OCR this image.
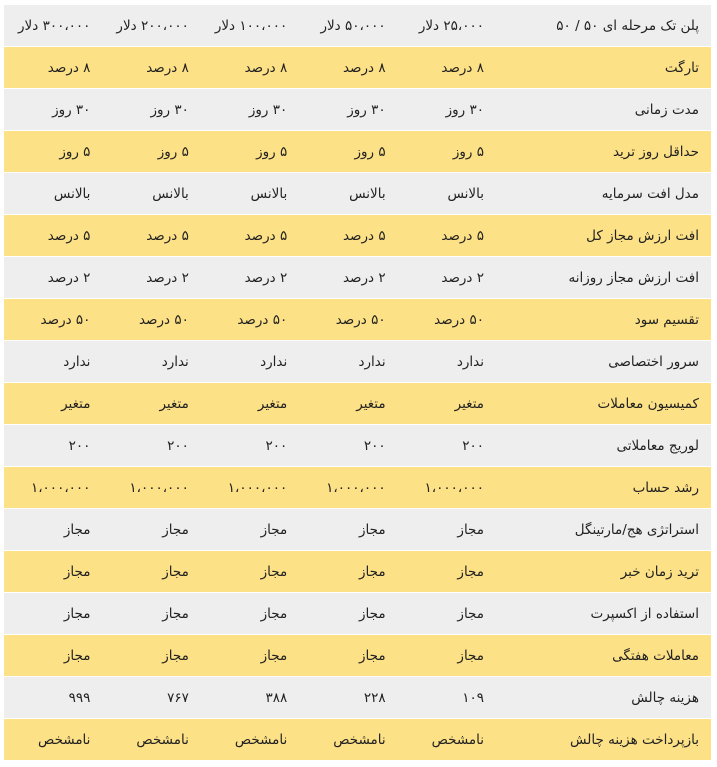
پلن تک مرحله ای ۵۰ / ۵۰	۲۵،۰۰۰ دلار	۵۰،۰۰۰ دلار	۱۰۰،۰۰۰ دلار	۲۰۰،۰۰۰ دلار	۳۰۰،۰۰۰ دلار
تارگت	۸ درصد	۸ درصد	۸ درصد	۸ درصد	۸ درصد
مدت زمانی	۳۰ روز	۳۰ روز	۳۰ روز	۳۰ روز	۳۰ روز
حداقل روز ترید	۵ روز	۵ روز	۵ روز	۵ روز	۵ روز
مدل افت سرمایه	بالانس	بالانس	بالانس	بالانس	بالانس
افت ارزش مجاز کل	۵ درصد	۵ درصد	۵ درصد	۵ درصد	۵ درصد
افت ارزش مجاز روزانه	۲ درصد	۲ درصد	۲ درصد	۲ درصد	۲ درصد
تقسیم سود	۵۰ درصد	۵۰ درصد	۵۰ درصد	۵۰ درصد	۵۰ درصد
سرور اختصاصی	ندارد	ندارد	ندارد	ندارد	ندارد
کمیسیون معاملات	متغیر	متغیر	متغیر	متغیر	متغیر
لوریج معاملاتی	۲۰۰	۲۰۰	۲۰۰	۲۰۰	۲۰۰
رشد حساب	۱،۰۰۰،۰۰۰	۱،۰۰۰،۰۰۰	۱،۰۰۰،۰۰۰	۱،۰۰۰،۰۰۰	۱،۰۰۰،۰۰۰
استراتژی هج/مارتینگل	مجاز	مجاز	مجاز	مجاز	مجاز
ترید زمان خبر	مجاز	مجاز	مجاز	مجاز	مجاز
استفاده از اکسپرت	مجاز	مجاز	مجاز	مجاز	مجاز
معاملات هفتگی	مجاز	مجاز	مجاز	مجاز	مجاز
هزینه چالش	۱۰۹	۲۲۸	۳۸۸	۷۶۷	۹۹۹
بازپرداخت هزینه چالش	نامشخص	نامشخص	نامشخص	نامشخص	نامشخص
